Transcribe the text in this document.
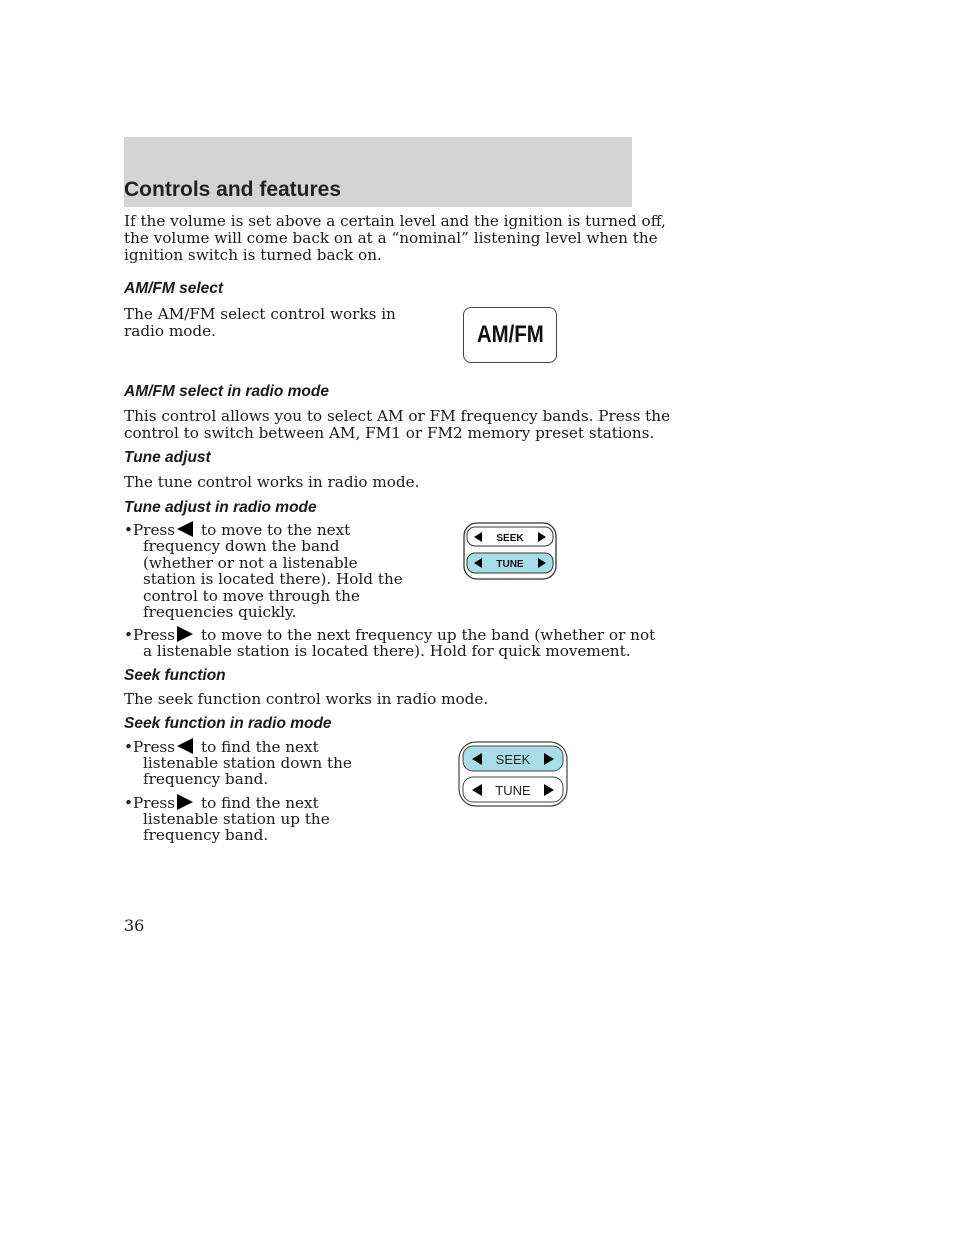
Controls and features

If the volume is set above a certain level and the ignition is turned off,

the volume will come back on at a “nominal” listening level when the

ignition switch is turned back on.

AM/FM select

The AM/FM select control works in

radio mode.	AM/FM

AM/FM select in radio mode

This control allows you to select AM or FM frequency bands. Press the

control to switch between AM, FM1 or FM2 memory preset stations.

Tune adjust

The tune control works in radio mode.

Tune adjust in radio mode

•Press to move to the next

frequency down the band

(whether or not a listenable

station is located there). Hold the

control to move through the

frequencies quickly.

•Press to move to the next frequency up the band (whether or not

a listenable station is located there). Hold for quick movement.

SEEK
TUNE

Seek function

The seek function control works in radio mode.

Seek function in radio mode

•Press to find the next

listenable station down the

frequency band.

•Press to find the next

listenable station up the

frequency band.

SEEK
TUNE

36
